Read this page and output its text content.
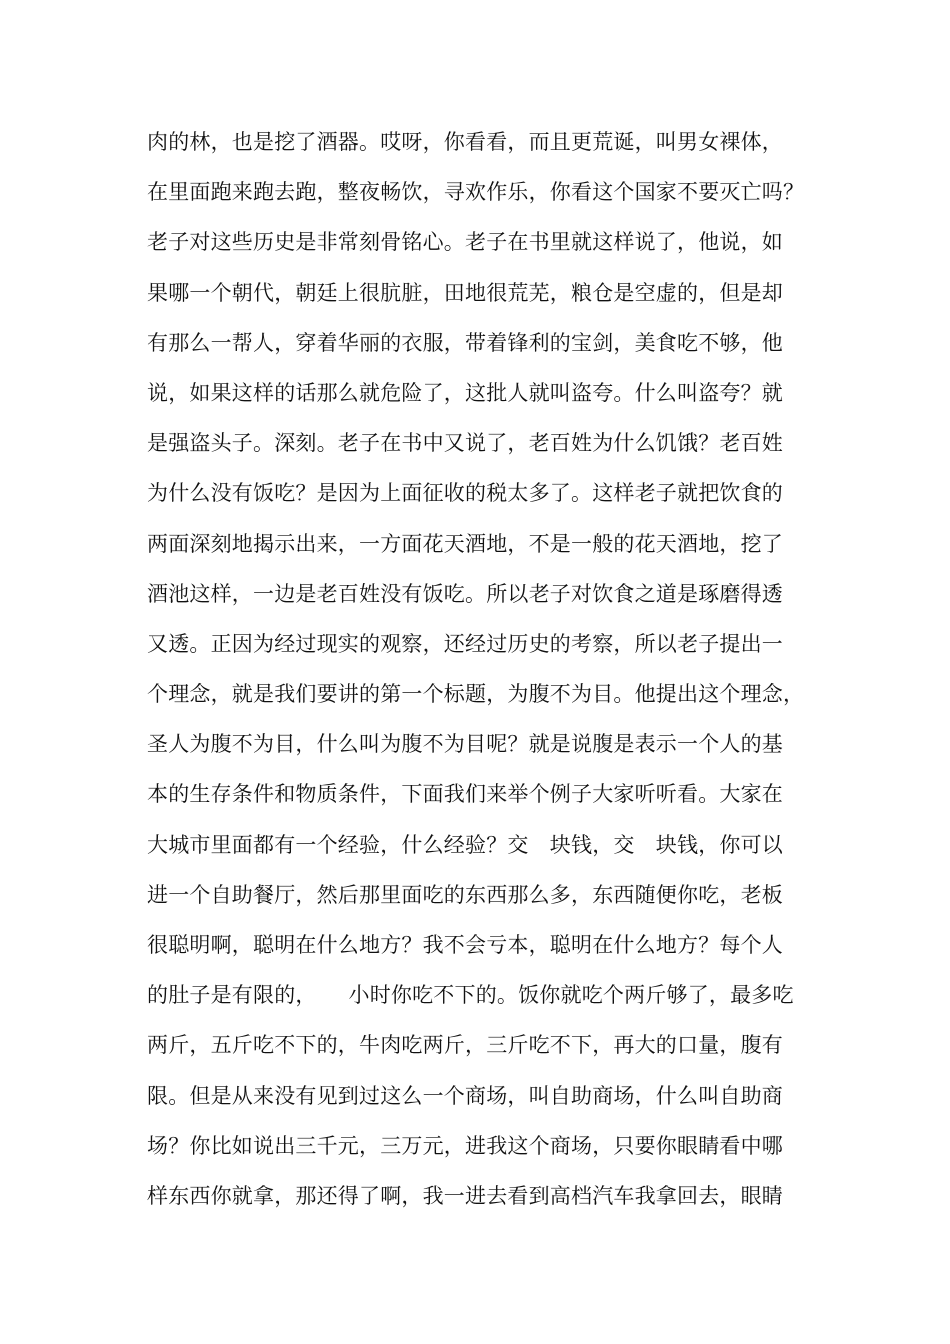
肉的林，也是挖了酒器。哎呀，你看看，而且更荒诞，叫男女裸体，
在里面跑来跑去跑，整夜畅饮，寻欢作乐，你看这个国家不要灭亡吗？
老子对这些历史是非常刻骨铭心。老子在书里就这样说了，他说，如
果哪一个朝代，朝廷上很肮脏，田地很荒芜，粮仓是空虚的，但是却
有那么一帮人，穿着华丽的衣服，带着锋利的宝剑，美食吃不够，他
说，如果这样的话那么就危险了，这批人就叫盗夸。什么叫盗夸？就
是强盗头子。深刻。老子在书中又说了，老百姓为什么饥饿？老百姓
为什么没有饭吃？是因为上面征收的税太多了。这样老子就把饮食的
两面深刻地揭示出来，一方面花天酒地，不是一般的花天酒地，挖了
酒池这样，一边是老百姓没有饭吃。所以老子对饮食之道是琢磨得透
又透。正因为经过现实的观察，还经过历史的考察，所以老子提出一
个理念，就是我们要讲的第一个标题，为腹不为目。他提出这个理念，
圣人为腹不为目，什么叫为腹不为目呢？就是说腹是表示一个人的基
本的生存条件和物质条件，下面我们来举个例子大家听听看。大家在
大城市里面都有一个经验，什么经验？交　块钱，交　块钱，你可以
进一个自助餐厅，然后那里面吃的东西那么多，东西随便你吃，老板
很聪明啊，聪明在什么地方？我不会亏本，聪明在什么地方？每个人
的肚子是有限的，　　小时你吃不下的。饭你就吃个两斤够了，最多吃
两斤，五斤吃不下的，牛肉吃两斤，三斤吃不下，再大的口量，腹有
限。但是从来没有见到过这么一个商场，叫自助商场，什么叫自助商
场？你比如说出三千元，三万元，进我这个商场，只要你眼睛看中哪
样东西你就拿，那还得了啊，我一进去看到高档汽车我拿回去，眼睛
